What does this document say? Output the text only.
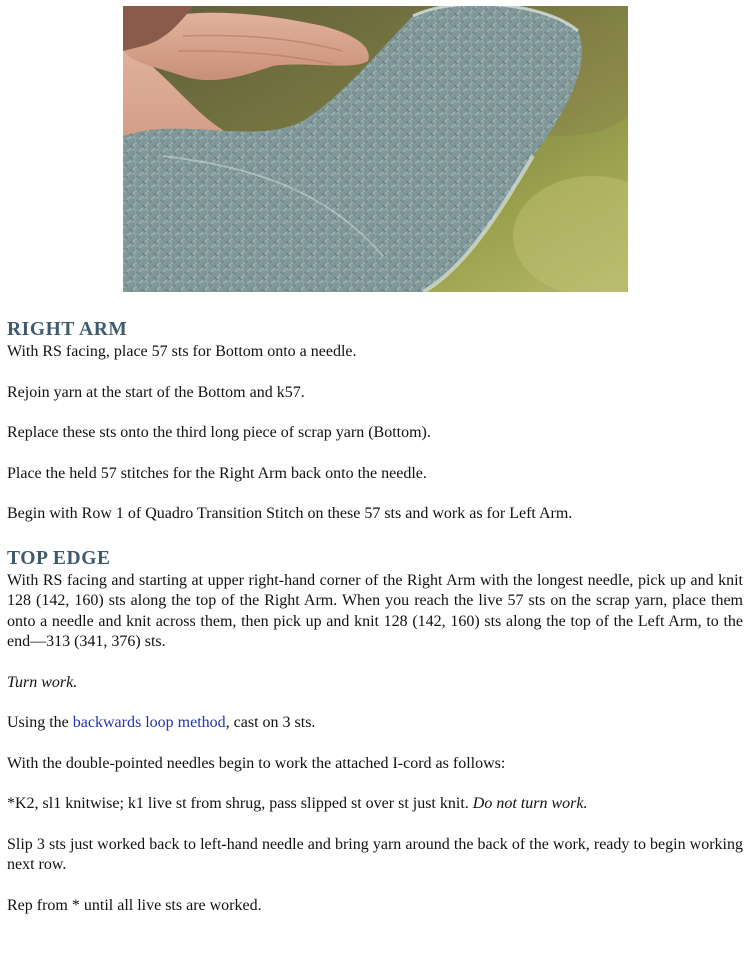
RIGHT ARM

With RS facing, place 57 sts for Bottom onto a needle.

Rejoin yarn at the start of the Bottom and k57.

Replace these sts onto the third long piece of scrap yarn (Bottom).

Place the held 57 stitches for the Right Arm back onto the needle.

Begin with Row 1 of Quadro Transition Stitch on these 57 sts and work as for Left Arm.

TOP EDGE

With RS facing and starting at upper right-hand corner of the Right Arm with the longest needle, pick up and knit 128 (142, 160) sts along the top of the Right Arm. When you reach the live 57 sts on the scrap yarn, place them onto a needle and knit across them, then pick up and knit 128 (142, 160) sts along the top of the Left Arm, to the end—313 (341, 376) sts.

Turn work.

Using the backwards loop method, cast on 3 sts.

With the double-pointed needles begin to work the attached I-cord as follows:

*K2, sl1 knitwise; k1 live st from shrug, pass slipped st over st just knit. Do not turn work.

Slip 3 sts just worked back to left-hand needle and bring yarn around the back of the work, ready to begin working next row.

Rep from * until all live sts are worked.
